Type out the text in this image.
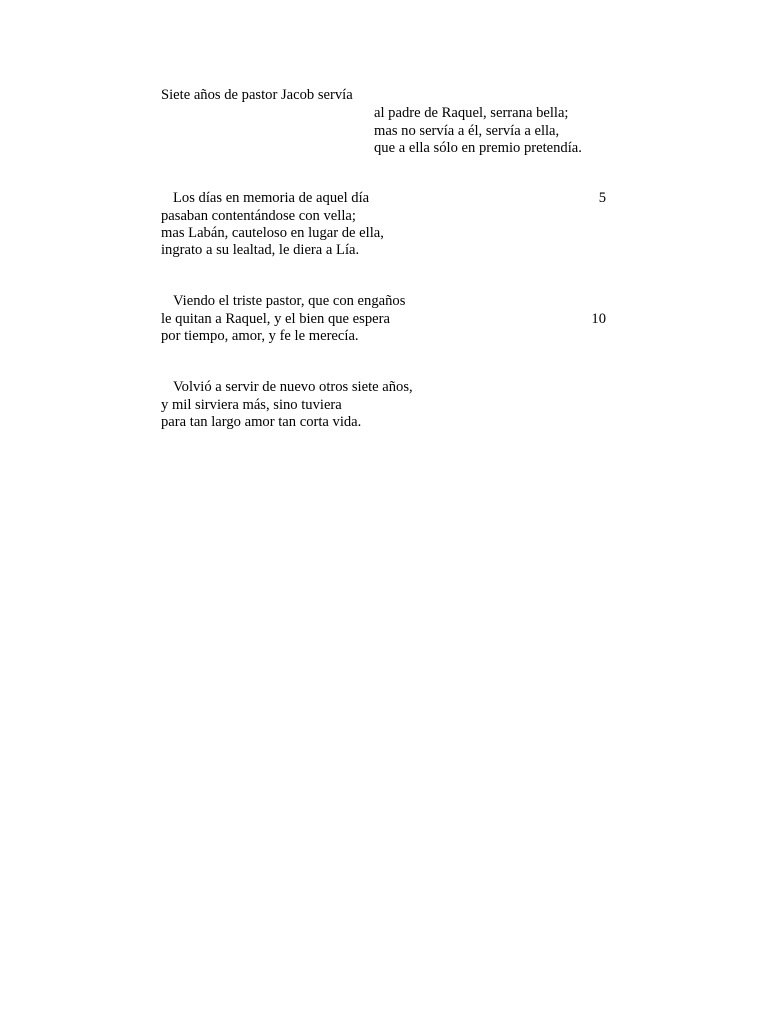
Siete años de pastor Jacob servía
al padre de Raquel, serrana bella;
mas no servía a él, servía a ella,
que a ella sólo en premio pretendía.
Los días en memoria de aquel día	5
pasaban contentándose con vella;
mas Labán, cauteloso en lugar de ella,
ingrato a su lealtad, le diera a Lía.
Viendo el triste pastor, que con engaños
le quitan a Raquel, y el bien que espera	10
por tiempo, amor, y fe le merecía.
Volvió a servir de nuevo otros siete años,
y mil sirviera más, sino tuviera
para tan largo amor tan corta vida.
